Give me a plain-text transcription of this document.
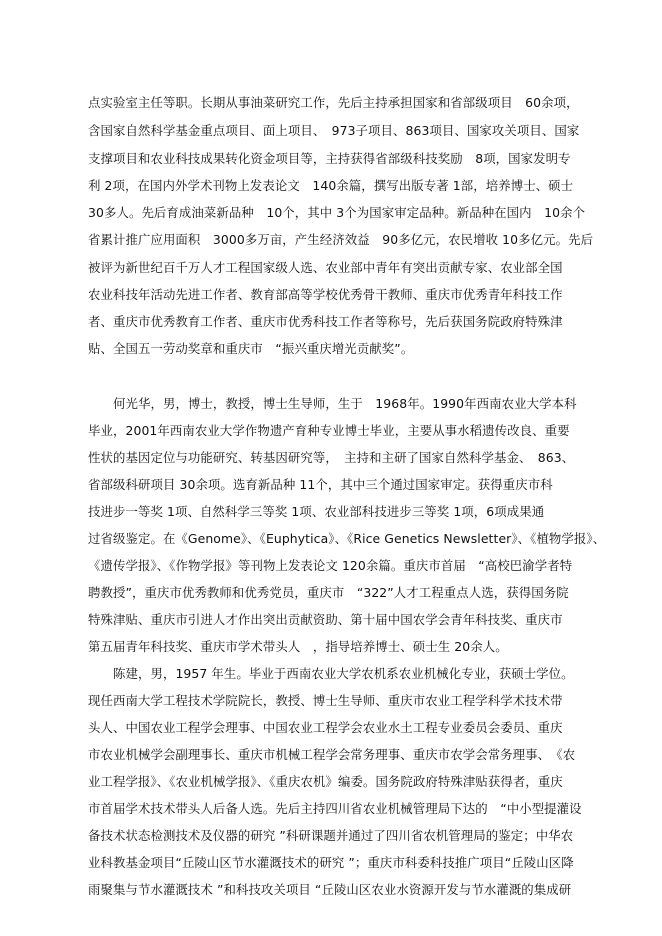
点实验室主任等职。长期从事油菜研究工作，先后主持承担国家和省部级项目　60余项，
含国家自然科学基金重点项目、面上项目、　973子项目、863项目、国家攻关项目、国家
支撑项目和农业科技成果转化资金项目等，主持获得省部级科技奖励　8项，国家发明专
利 2项，在国内外学术刊物上发表论文　140余篇，撰写出版专著 1部，培养博士、硕士
30多人。先后育成油菜新品种　10个，其中 3个为国家审定品种。新品种在国内　10余个
省累计推广应用面积　3000多万亩，产生经济效益　90多亿元，农民增收 10多亿元。先后
被评为新世纪百千万人才工程国家级人选、农业部中青年有突出贡献专家、农业部全国
农业科技年活动先进工作者、教育部高等学校优秀骨干教师、重庆市优秀青年科技工作
者、重庆市优秀教育工作者、重庆市优秀科技工作者等称号，先后获国务院政府特殊津
贴、全国五一劳动奖章和重庆市　“振兴重庆增光贡献奖”。
何光华，男，博士，教授，博士生导师，生于　1968年。1990年西南农业大学本科
毕业，2001年西南农业大学作物遗产育种专业博士毕业，主要从事水稻遗传改良、重要
性状的基因定位与功能研究、转基因研究等，　主持和主研了国家自然科学基金、　863、
省部级科研项目 30余项。选育新品种 11个，其中三个通过国家审定。获得重庆市科
技进步一等奖 1项、自然科学三等奖 1项、农业部科技进步三等奖 1项，6项成果通
过省级鉴定。在《Genome》、《Euphytica》、《Rice Genetics Newsletter》、《植物学报》、
《遗传学报》、《作物学报》等刊物上发表论文 120余篇。重庆市首届　“高校巴渝学者特
聘教授”，重庆市优秀教师和优秀党员，重庆市　“322”人才工程重点人选，获得国务院
特殊津贴、重庆市引进人才作出突出贡献资助、第十届中国农学会青年科技奖、重庆市
第五届青年科技奖、重庆市学术带头人　，指导培养博士、硕士生 20余人。
陈建，男，1957 年生。毕业于西南农业大学农机系农业机械化专业，获硕士学位。
现任西南大学工程技术学院院长，教授、博士生导师、重庆市农业工程学科学术技术带
头人、中国农业工程学会理事、中国农业工程学会农业水土工程专业委员会委员、重庆
市农业机械学会副理事长、重庆市机械工程学会常务理事、重庆市农学会常务理事、　《农
业工程学报》、《农业机械学报》、《重庆农机》编委。国务院政府特殊津贴获得者，重庆
市首届学术技术带头人后备人选。先后主持四川省农业机械管理局下达的　“中小型提灌设
备技术状态检测技术及仪器的研究 ”科研课题并通过了四川省农机管理局的鉴定；中华农
业科教基金项目“丘陵山区节水灌溉技术的研究 ”；重庆市科委科技推广项目“丘陵山区降
雨聚集与节水灌溉技术 ”和科技攻关项目 “丘陵山区农业水资源开发与节水灌溉的集成研
